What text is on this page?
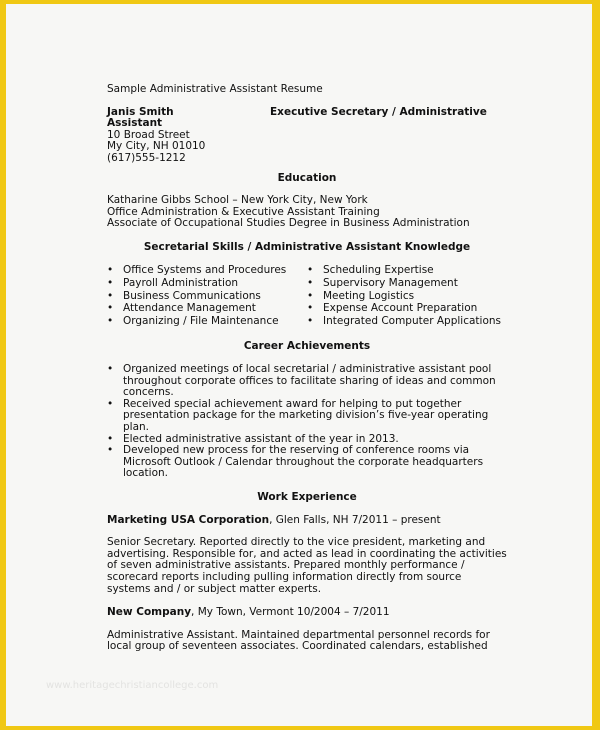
Sample Administrative Assistant Resume
Janis Smith	Executive Secretary / Administrative
Assistant
10 Broad Street
My City, NH 01010
(617)555-1212
Education
Katharine Gibbs School – New York City, New York
Office Administration & Executive Assistant Training
Associate of Occupational Studies Degree in Business Administration
Secretarial Skills / Administrative Assistant Knowledge
• Office Systems and Procedures
• Payroll Administration
• Business Communications
• Attendance Management
• Organizing / File Maintenance
• Scheduling Expertise
• Supervisory Management
• Meeting Logistics
• Expense Account Preparation
• Integrated Computer Applications
Career Achievements
• Organized meetings of local secretarial / administrative assistant pool throughout corporate offices to facilitate sharing of ideas and common concerns.
• Received special achievement award for helping to put together presentation package for the marketing division’s five-year operating plan.
• Elected administrative assistant of the year in 2013.
• Developed new process for the reserving of conference rooms via Microsoft Outlook / Calendar throughout the corporate headquarters location.
Work Experience
Marketing USA Corporation, Glen Falls, NH 7/2011 – present
Senior Secretary. Reported directly to the vice president, marketing and advertising. Responsible for, and acted as lead in coordinating the activities of seven administrative assistants. Prepared monthly performance / scorecard reports including pulling information directly from source systems and / or subject matter experts.
New Company, My Town, Vermont 10/2004 – 7/2011
Administrative Assistant. Maintained departmental personnel records for local group of seventeen associates. Coordinated calendars, established
www.heritagechristiancollege.com
